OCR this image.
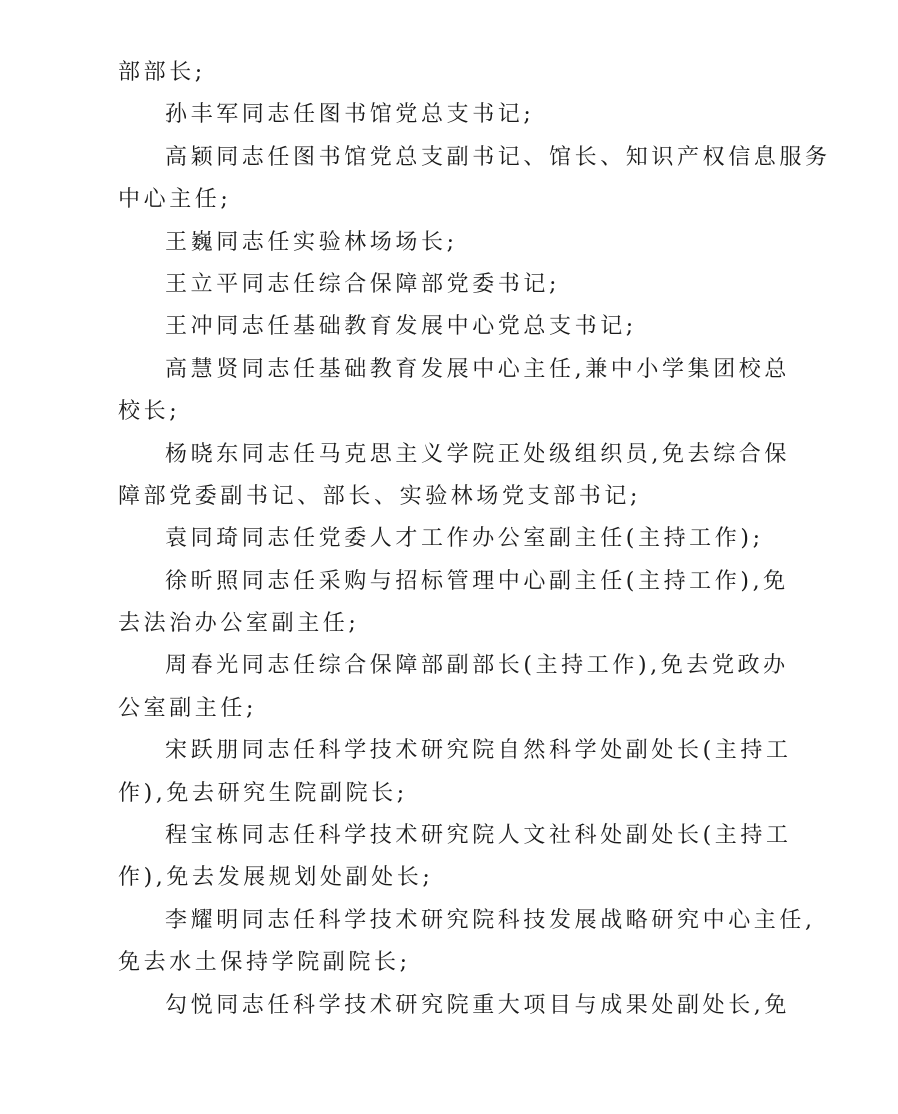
部部长;
孙丰军同志任图书馆党总支书记;
高颖同志任图书馆党总支副书记、馆长、知识产权信息服务
中心主任;
王巍同志任实验林场场长;
王立平同志任综合保障部党委书记;
王冲同志任基础教育发展中心党总支书记;
高慧贤同志任基础教育发展中心主任,兼中小学集团校总
校长;
杨晓东同志任马克思主义学院正处级组织员,免去综合保
障部党委副书记、部长、实验林场党支部书记;
袁同琦同志任党委人才工作办公室副主任(主持工作);
徐昕照同志任采购与招标管理中心副主任(主持工作),免
去法治办公室副主任;
周春光同志任综合保障部副部长(主持工作),免去党政办
公室副主任;
宋跃朋同志任科学技术研究院自然科学处副处长(主持工
作),免去研究生院副院长;
程宝栋同志任科学技术研究院人文社科处副处长(主持工
作),免去发展规划处副处长;
李耀明同志任科学技术研究院科技发展战略研究中心主任,
免去水土保持学院副院长;
勾悦同志任科学技术研究院重大项目与成果处副处长,免
